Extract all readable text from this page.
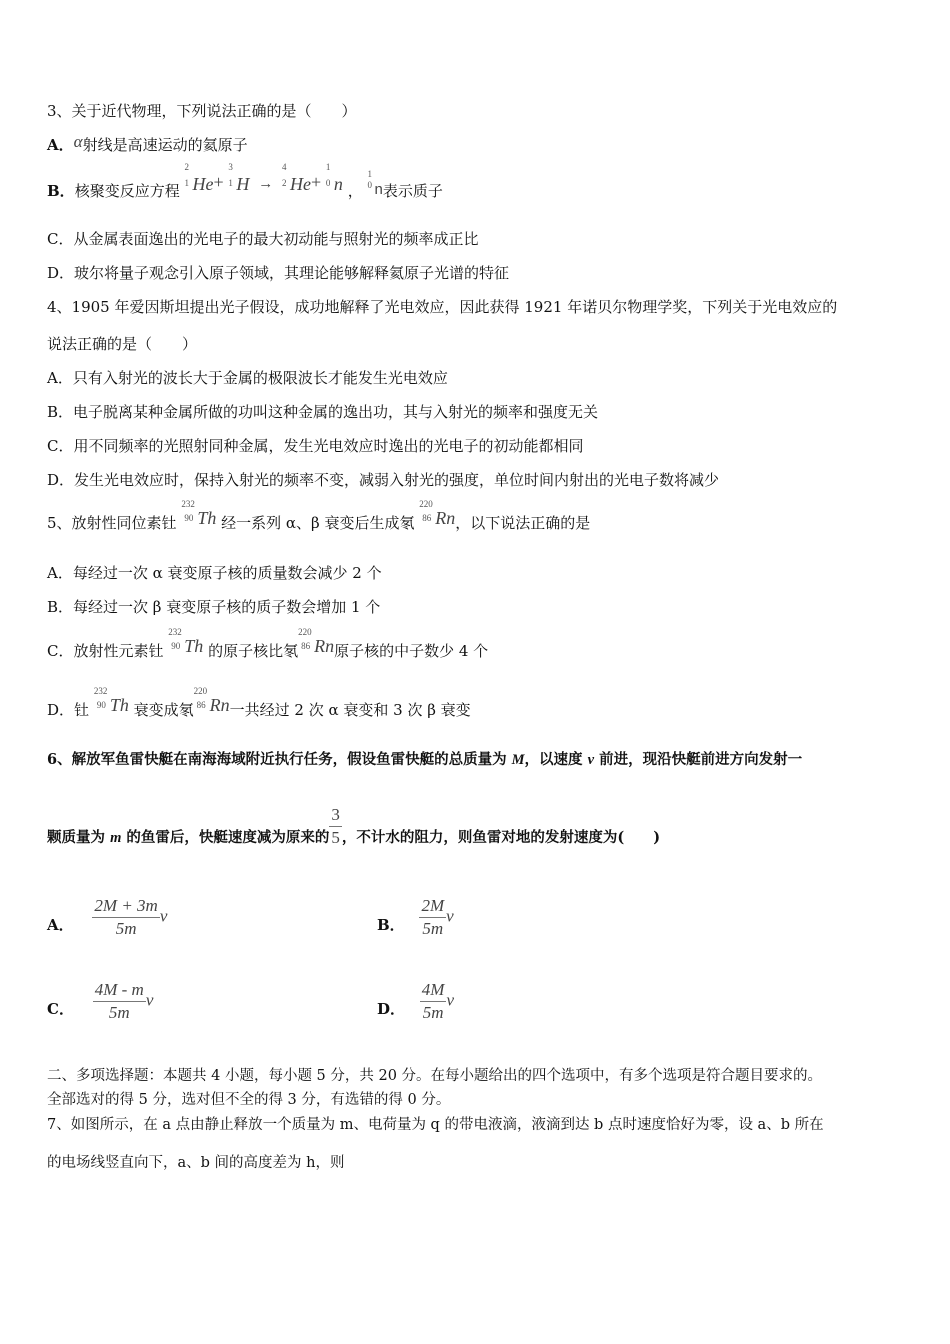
3、关于近代物理，下列说法正确的是（　　）
A．α射线是高速运动的氦原子
B．核聚变反应方程
2
1 He+
3
1 H →
4
2 He+
1
0 n ，
1
0 n表示质子
C．从金属表面逸出的光电子的最大初动能与照射光的频率成正比
D．玻尔将量子观念引入原子领域，其理论能够解释氦原子光谱的特征
4、1905 年爱因斯坦提出光子假设，成功地解释了光电效应，因此获得 1921 年诺贝尔物理学奖，下列关于光电效应的
说法正确的是（　　）
A．只有入射光的波长大于金属的极限波长才能发生光电效应
B．电子脱离某种金属所做的功叫这种金属的逸出功，其与入射光的频率和强度无关
C．用不同频率的光照射同种金属，发生光电效应时逸出的光电子的初动能都相同
D．发生光电效应时，保持入射光的频率不变，减弱入射光的强度，单位时间内射出的光电子数将减少
5、放射性同位素钍
232
90 Th 经一系列 α、β 衰变后生成氡
220
86 Rn，以下说法正确的是
A．每经过一次 α 衰变原子核的质量数会减少 2 个
B．每经过一次 β 衰变原子核的质子数会增加 1 个
C．放射性元素钍
232
90 Th 的原子核比氡
220
86 Rn原子核的中子数少 4 个
D．钍
232
90 Th 衰变成氡
220
86 Rn一共经过 2 次 α 衰变和 3 次 β 衰变
6、解放军鱼雷快艇在南海海域附近执行任务，假设鱼雷快艇的总质量为 M，以速度 v 前进，现沿快艇前进方向发射一
颗质量为 m 的鱼雷后，快艇速度减为原来的 $\frac{3}{5}$ ，不计水的阻力，则鱼雷对地的发射速度为(　　)
A． $\frac{2M + 3m}{5m}$ v	B． $\frac{2M}{5m}$ v
C． $\frac{4M - m}{5m}$ v	D． $\frac{4M}{5m}$ v
二、多项选择题：本题共 4 小题，每小题 5 分，共 20 分。在每小题给出的四个选项中，有多个选项是符合题目要求的。
全部选对的得 5 分，选对但不全的得 3 分，有选错的得 0 分。
7、如图所示，在 a 点由静止释放一个质量为 m、电荷量为 q 的带电液滴，液滴到达 b 点时速度恰好为零，设 a、b 所在
的电场线竖直向下，a、b 间的高度差为 h，则
